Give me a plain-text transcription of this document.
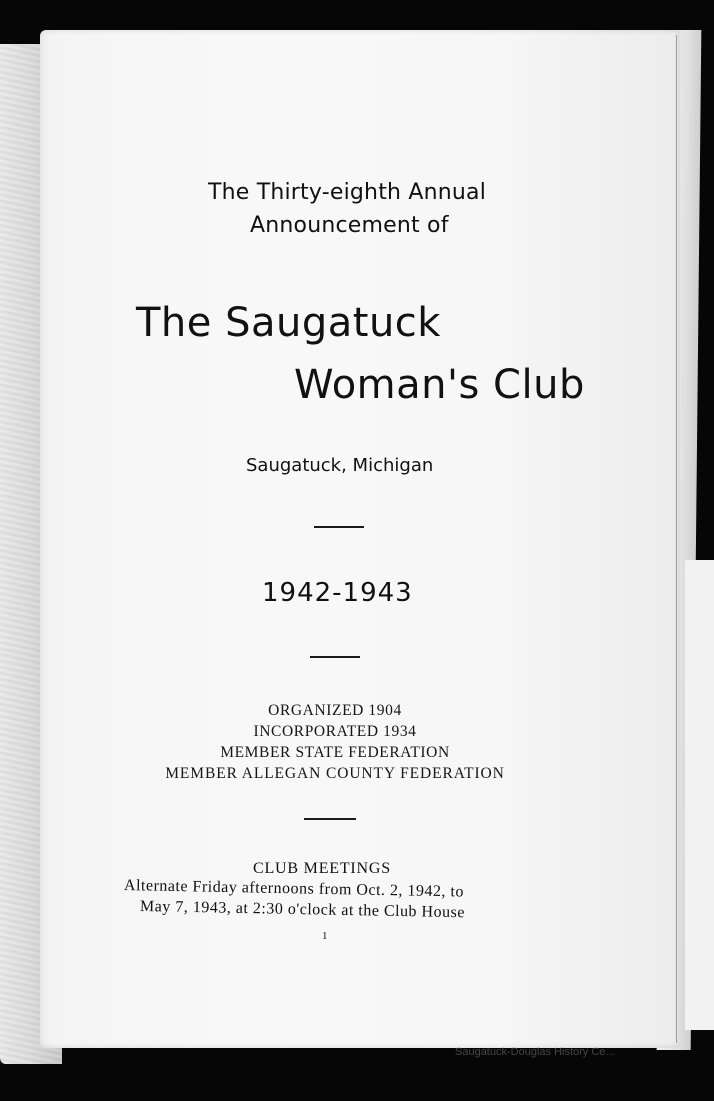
The Thirty-eighth Annual

Announcement of

The Saugatuck

Woman's Club

Saugatuck, Michigan

1942-1943

ORGANIZED 1904
INCORPORATED 1934
MEMBER STATE FEDERATION
MEMBER ALLEGAN COUNTY FEDERATION

CLUB MEETINGS

Alternate Friday afternoons from Oct. 2, 1942, to

May 7, 1943, at 2:30 o'clock at the Club House

1

Saugatuck-Douglas History Ce...
